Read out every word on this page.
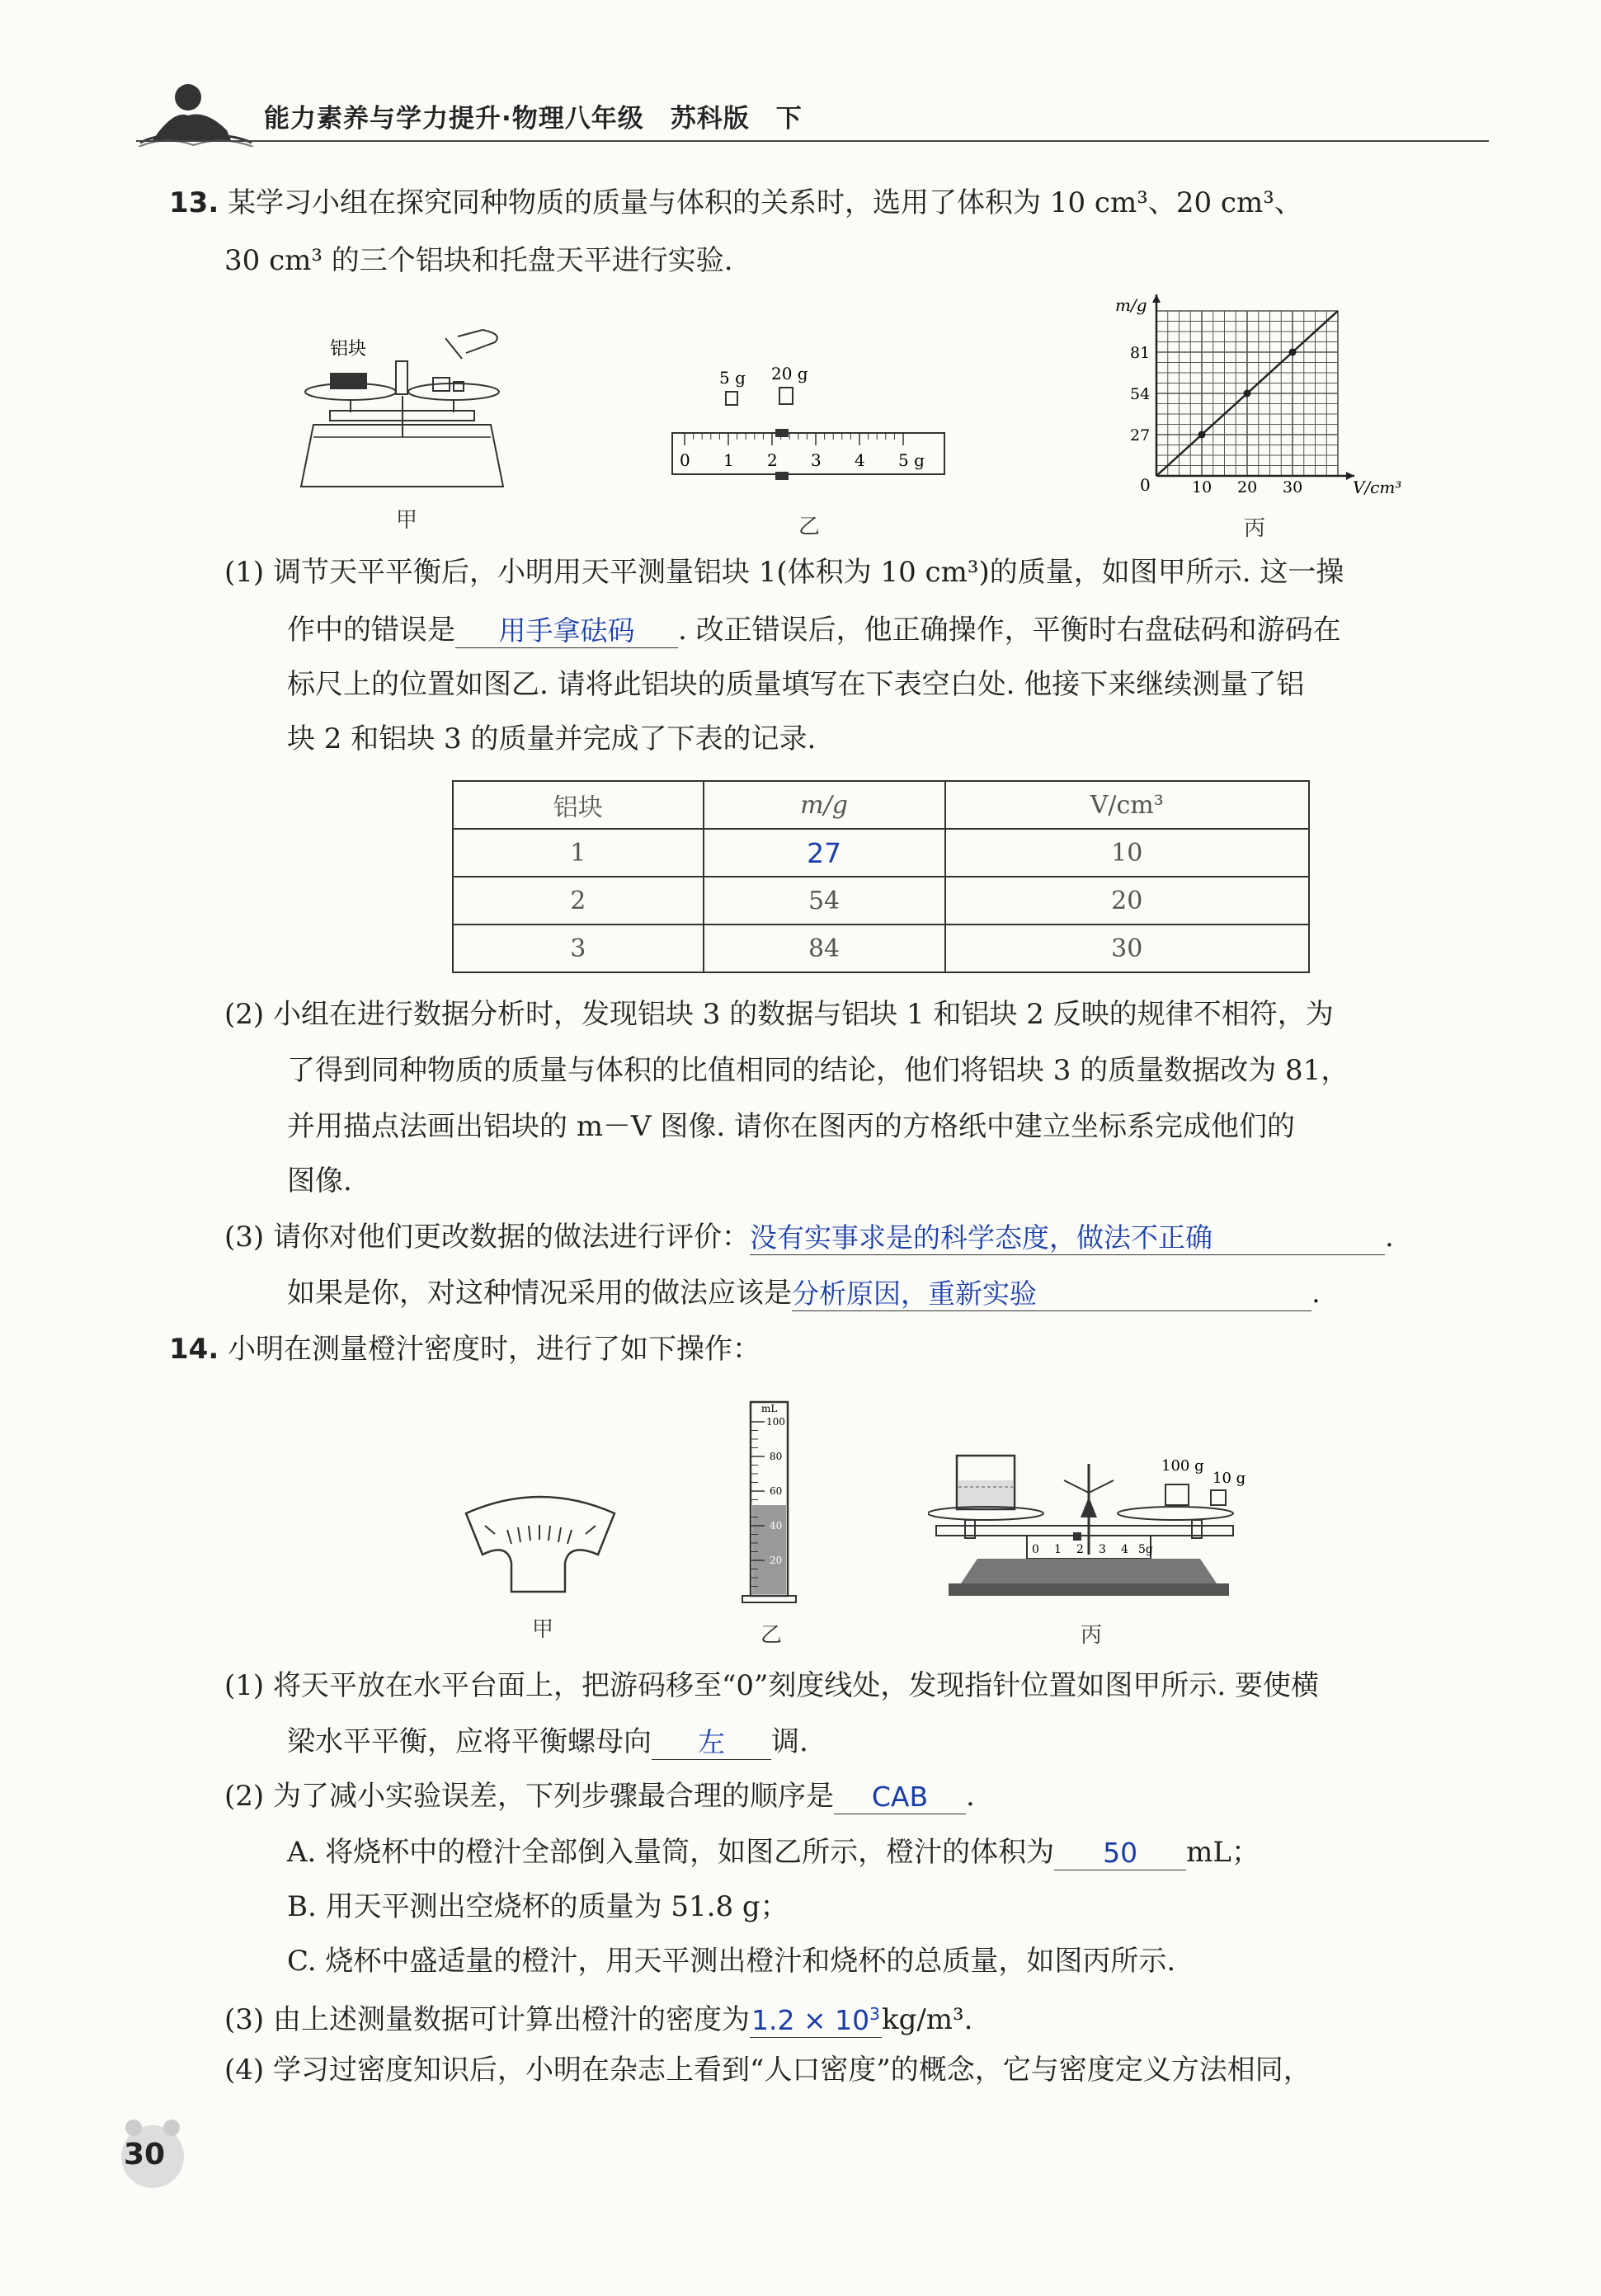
能力素养与学力提升·物理八年级　苏科版　下
13. 某学习小组在探究同种物质的质量与体积的关系时，选用了体积为 10 cm³、20 cm³、
30 cm³ 的三个铝块和托盘天平进行实验.
铝块
甲
5 g 20 g
0 1 2 3 4 5 g
乙
m/g
V/cm³
0	10 20 30
27
54
81
丙
(1) 调节天平平衡后，小明用天平测量铝块 1(体积为 10 cm³)的质量，如图甲所示. 这一操
作中的错误是 用手拿砝码 . 改正错误后，他正确操作，平衡时右盘砝码和游码在
标尺上的位置如图乙. 请将此铝块的质量填写在下表空白处. 他接下来继续测量了铝
块 2 和铝块 3 的质量并完成了下表的记录.
铝块	m/g	V/cm³
1	27	10
2	54	20
3	84	30
(2) 小组在进行数据分析时，发现铝块 3 的数据与铝块 1 和铝块 2 反映的规律不相符，为
了得到同种物质的质量与体积的比值相同的结论，他们将铝块 3 的质量数据改为 81，
并用描点法画出铝块的 m－V 图像. 请你在图丙的方格纸中建立坐标系完成他们的
图像.
(3) 请你对他们更改数据的做法进行评价：没有实事求是的科学态度，做法不正确	.
如果是你，对这种情况采用的做法应该是分析原因，重新实验	.
14. 小明在测量橙汁密度时，进行了如下操作：
甲
mL
100
80
60
40
20
乙
100 g
10 g
0 1 2 3 4 5g
丙
(1) 将天平放在水平台面上，把游码移至“0”刻度线处，发现指针位置如图甲所示. 要使横
梁水平平衡，应将平衡螺母向 左 调.
(2) 为了减小实验误差，下列步骤最合理的顺序是 CAB .
A. 将烧杯中的橙汁全部倒入量筒，如图乙所示，橙汁的体积为 50 mL；
B. 用天平测出空烧杯的质量为 51.8 g；
C. 烧杯中盛适量的橙汁，用天平测出橙汁和烧杯的总质量，如图丙所示.
(3) 由上述测量数据可计算出橙汁的密度为$1.2 \times 10^3kg/m^3$.
(4) 学习过密度知识后，小明在杂志上看到“人口密度”的概念，它与密度定义方法相同，
30
